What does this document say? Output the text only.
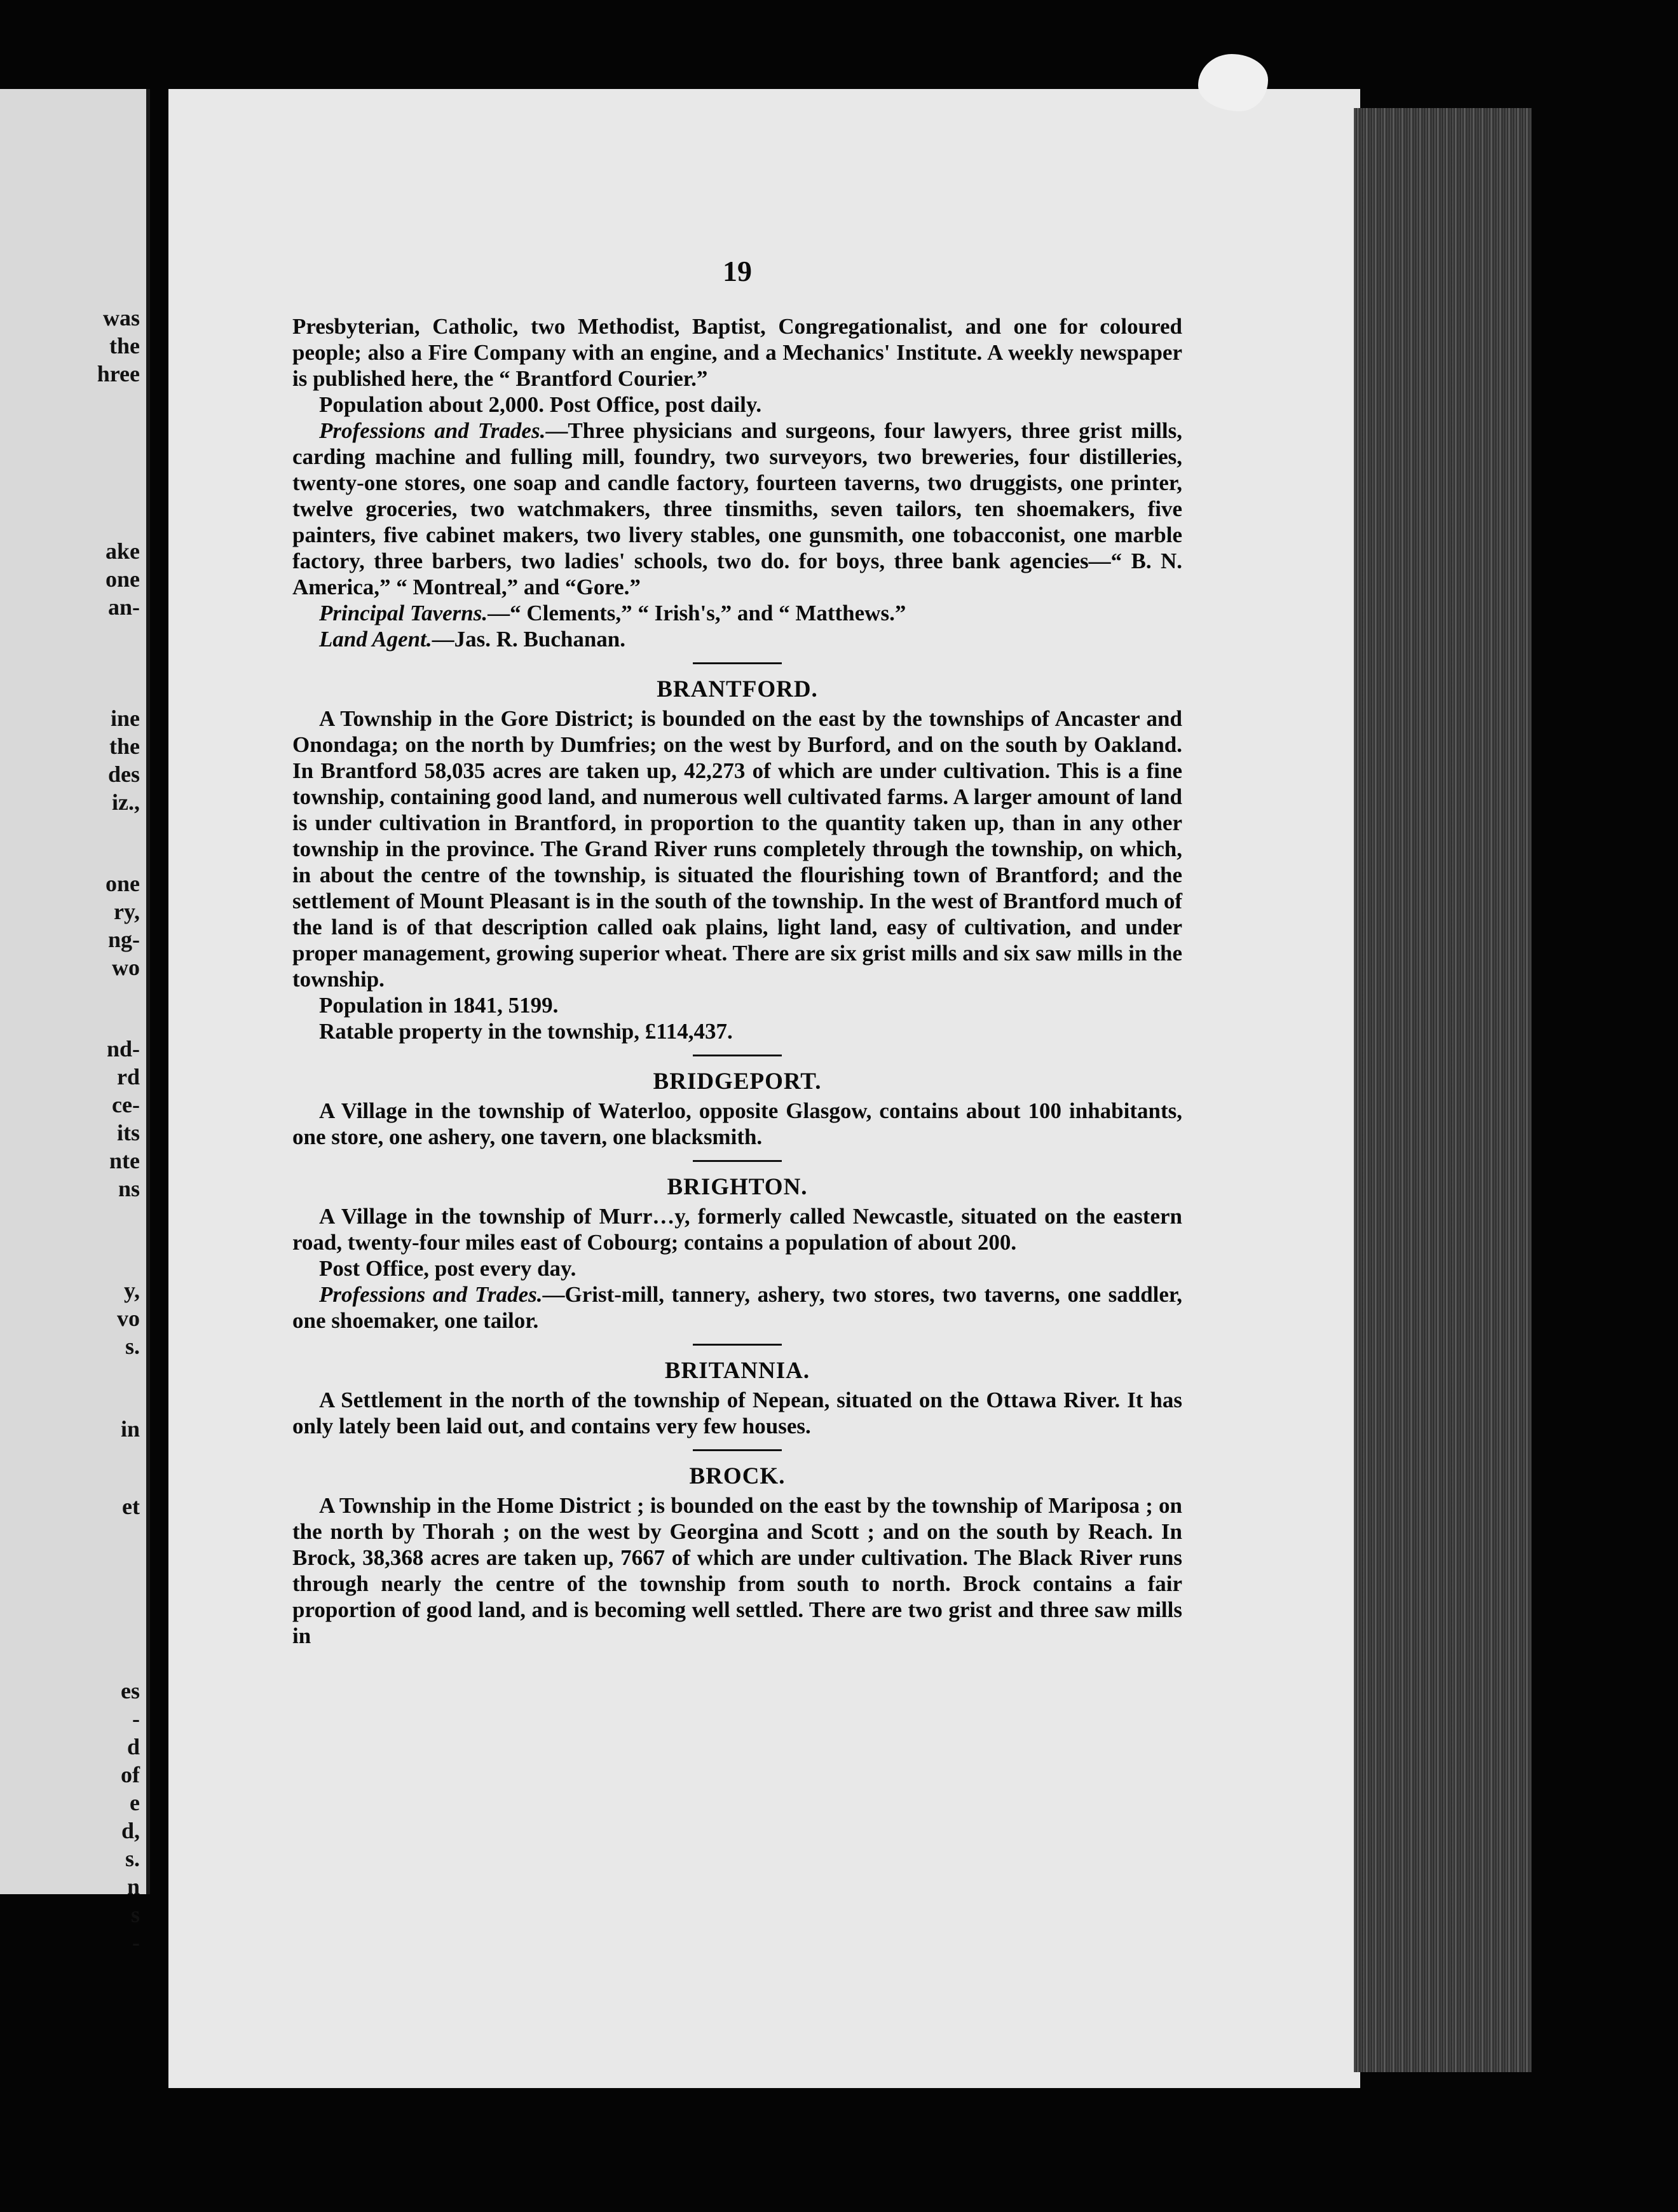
was
the
hree
ake
one
an-
ine
the
des
iz.,
one
ry,
ng-
wo
nd-
rd
ce-
its
nte
ns
y,
vo
s.
in
et
es
-
d
of
e
d,
s.
n
s
-
19

Presbyterian, Catholic, two Methodist, Baptist, Congregationalist, and one for coloured people; also a Fire Company with an engine, and a Mechanics' Institute. A weekly newspaper is published here, the “ Brantford Courier.”

Population about 2,000. Post Office, post daily.

Professions and Trades.—Three physicians and surgeons, four lawyers, three grist mills, carding machine and fulling mill, foundry, two surveyors, two breweries, four distilleries, twenty-one stores, one soap and candle factory, fourteen taverns, two druggists, one printer, twelve groceries, two watchmakers, three tinsmiths, seven tailors, ten shoemakers, five painters, five cabinet makers, two livery stables, one gunsmith, one tobacconist, one marble factory, three barbers, two ladies' schools, two do. for boys, three bank agencies—“ B. N. America,” “ Montreal,” and “Gore.”

Principal Taverns.—“ Clements,” “ Irish's,” and “ Matthews.”

Land Agent.—Jas. R. Buchanan.

BRANTFORD.

A Township in the Gore District; is bounded on the east by the townships of Ancaster and Onondaga; on the north by Dumfries; on the west by Burford, and on the south by Oakland. In Brantford 58,035 acres are taken up, 42,273 of which are under cultivation. This is a fine township, containing good land, and numerous well cultivated farms. A larger amount of land is under cultivation in Brantford, in proportion to the quantity taken up, than in any other township in the province. The Grand River runs completely through the township, on which, in about the centre of the township, is situated the flourishing town of Brantford; and the settlement of Mount Pleasant is in the south of the township. In the west of Brantford much of the land is of that description called oak plains, light land, easy of cultivation, and under proper management, growing superior wheat. There are six grist mills and six saw mills in the township.

Population in 1841, 5199.

Ratable property in the township, £114,437.

BRIDGEPORT.

A Village in the township of Waterloo, opposite Glasgow, contains about 100 inhabitants, one store, one ashery, one tavern, one blacksmith.

BRIGHTON.

A Village in the township of Murr…y, formerly called Newcastle, situated on the eastern road, twenty-four miles east of Cobourg; contains a population of about 200.

Post Office, post every day.

Professions and Trades.—Grist-mill, tannery, ashery, two stores, two taverns, one saddler, one shoemaker, one tailor.

BRITANNIA.

A Settlement in the north of the township of Nepean, situated on the Ottawa River. It has only lately been laid out, and contains very few houses.

BROCK.

A Township in the Home District ; is bounded on the east by the township of Mariposa ; on the north by Thorah ; on the west by Georgina and Scott ; and on the south by Reach. In Brock, 38,368 acres are taken up, 7667 of which are under cultivation. The Black River runs through nearly the centre of the township from south to north. Brock contains a fair proportion of good land, and is becoming well settled. There are two grist and three saw mills in
